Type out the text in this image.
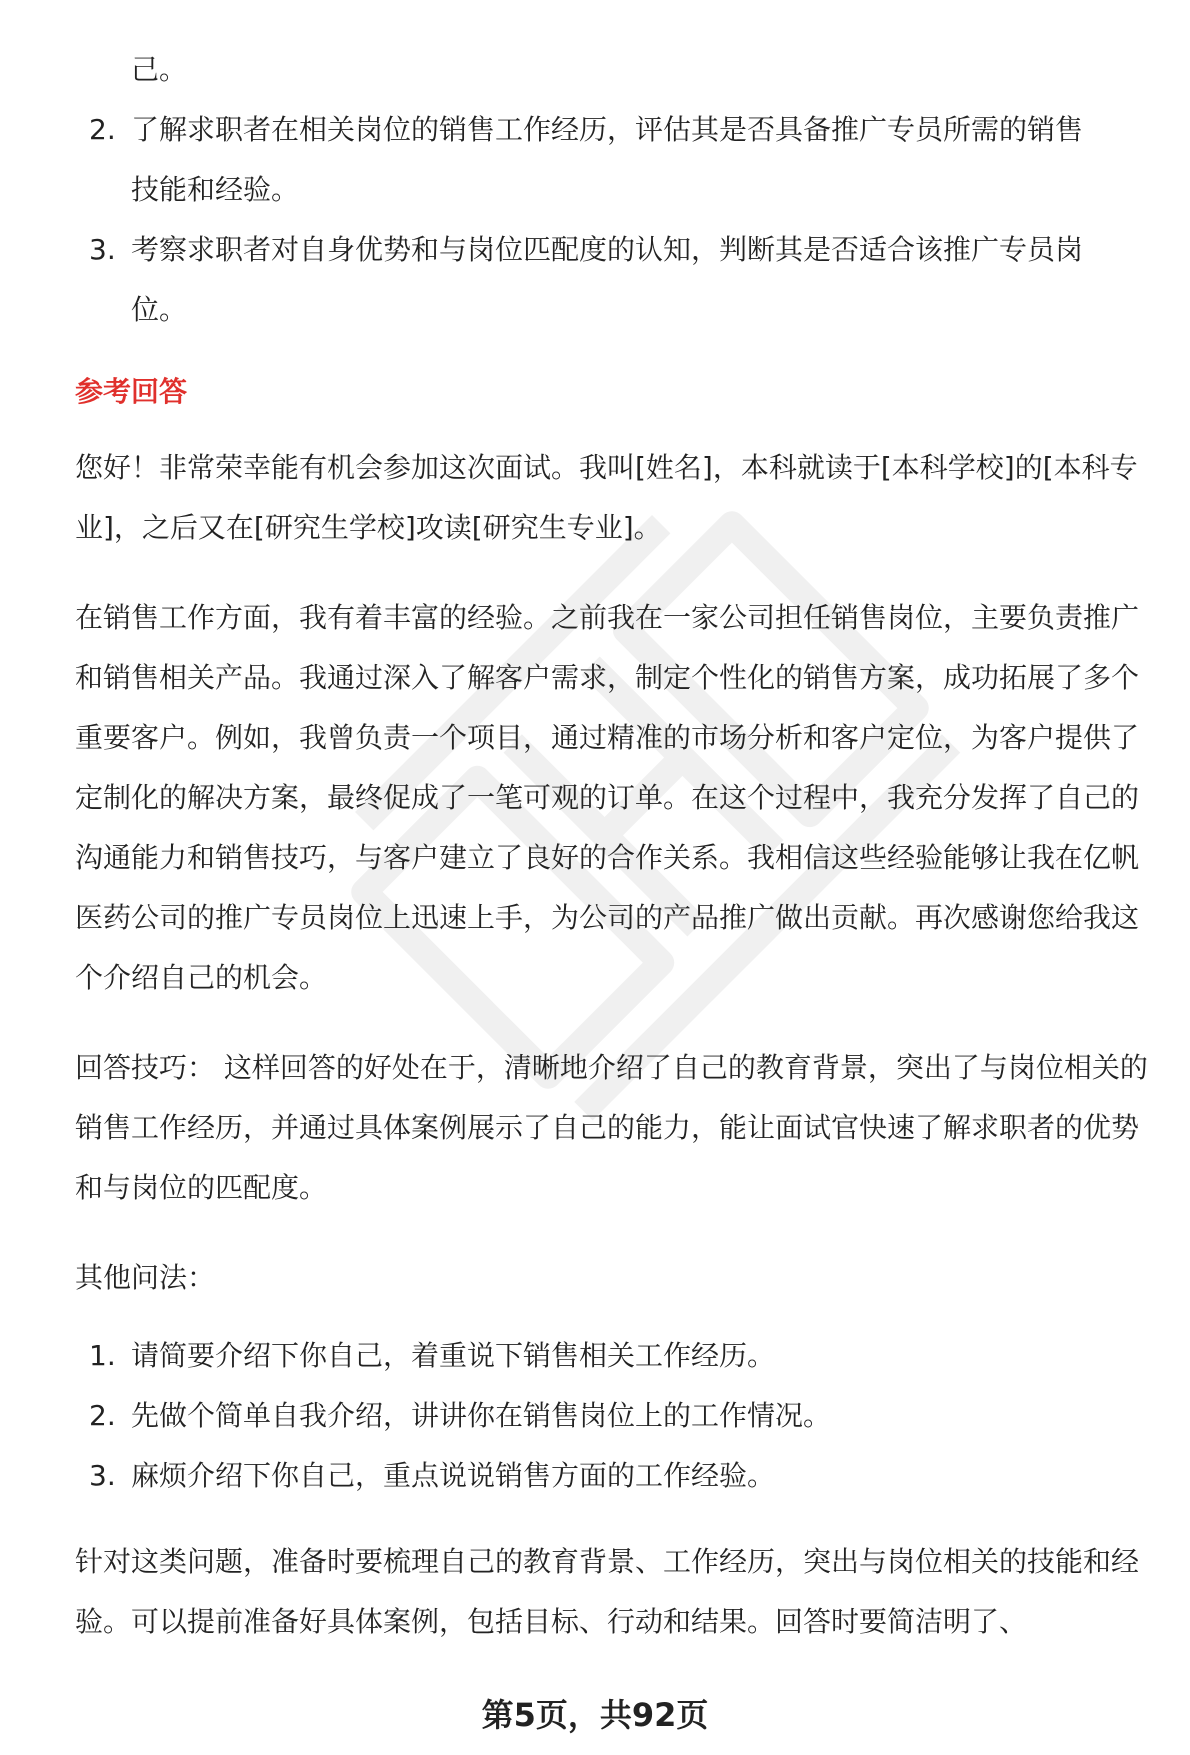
己。
2. 了解求职者在相关岗位的销售工作经历，评估其是否具备推广专员所需的销售
技能和经验。
3. 考察求职者对自身优势和与岗位匹配度的认知，判断其是否适合该推广专员岗
位。
参考回答

您好！非常荣幸能有机会参加这次面试。我叫[姓名]，本科就读于[本科学校]的[本科专业]，之后又在[研究生学校]攻读[研究生专业]。

在销售工作方面，我有着丰富的经验。之前我在一家公司担任销售岗位，主要负责推广和销售相关产品。我通过深入了解客户需求，制定个性化的销售方案，成功拓展了多个重要客户。例如，我曾负责一个项目，通过精准的市场分析和客户定位，为客户提供了定制化的解决方案，最终促成了一笔可观的订单。在这个过程中，我充分发挥了自己的沟通能力和销售技巧，与客户建立了良好的合作关系。我相信这些经验能够让我在亿帆医药公司的推广专员岗位上迅速上手，为公司的产品推广做出贡献。再次感谢您给我这个介绍自己的机会。

回答技巧： 这样回答的好处在于，清晰地介绍了自己的教育背景，突出了与岗位相关的销售工作经历，并通过具体案例展示了自己的能力，能让面试官快速了解求职者的优势和与岗位的匹配度。

其他问法：

1. 请简要介绍下你自己，着重说下销售相关工作经历。
2. 先做个简单自我介绍，讲讲你在销售岗位上的工作情况。
3. 麻烦介绍下你自己，重点说说销售方面的工作经验。

针对这类问题，准备时要梳理自己的教育背景、工作经历，突出与岗位相关的技能和经验。可以提前准备好具体案例，包括目标、行动和结果。回答时要简洁明了、

第5页，共92页
